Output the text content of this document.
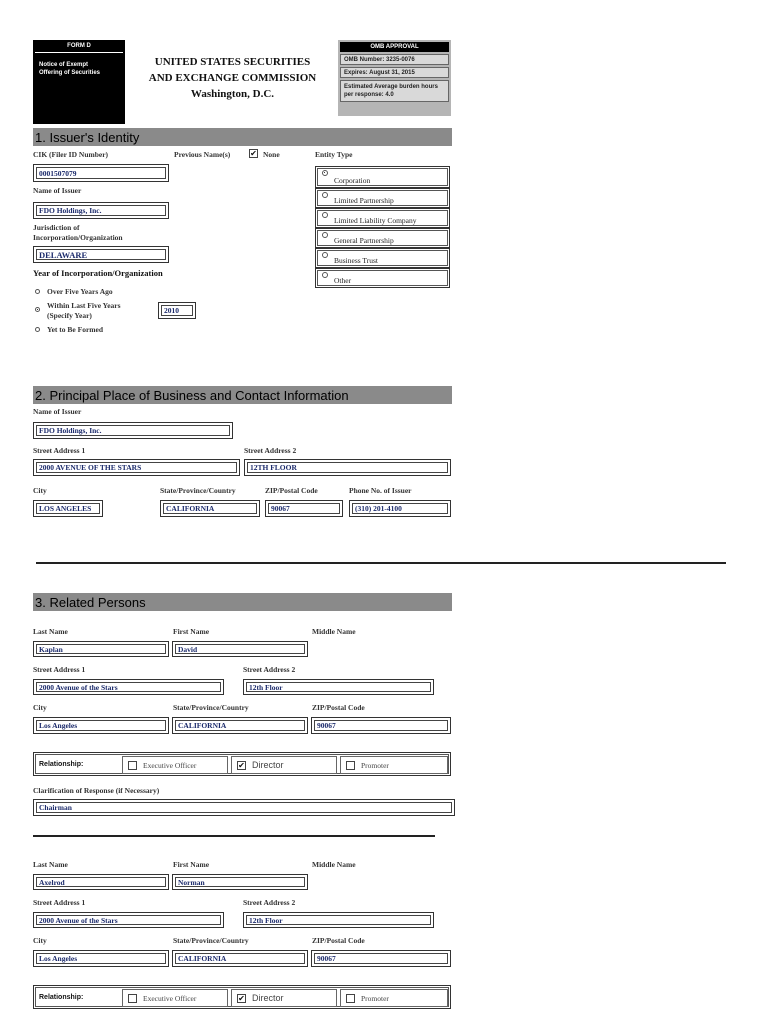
FORM D
Notice of Exempt
Offering of Securities
UNITED STATES SECURITIES
AND EXCHANGE COMMISSION
Washington, D.C.
OMB APPROVAL
OMB Number: 3235-0076
Expires: August 31, 2015
Estimated Average burden hours per response: 4.0
1. Issuer's Identity
CIK (Filer ID Number)	Previous Name(s) ✔ None	Entity Type
0001507079
Name of Issuer
FDO Holdings, Inc.
Jurisdiction of
Incorporation/Organization
DELAWARE
Year of Incorporation/Organization
Over Five Years Ago
Within Last Five Years
(Specify Year)
2010
Yet to Be Formed
Corporation
Limited Partnership
Limited Liability Company
General Partnership
Business Trust
Other
2. Principal Place of Business and Contact Information
Name of Issuer
FDO Holdings, Inc.
Street Address 1	Street Address 2
2000 AVENUE OF THE STARS	12TH FLOOR
City	State/Province/Country	ZIP/Postal Code	Phone No. of Issuer
LOS ANGELES	CALIFORNIA	90067	(310) 201-4100
3. Related Persons
Last Name	First Name	Middle Name
Kaplan	David
Street Address 1	Street Address 2
2000 Avenue of the Stars	12th Floor
City	State/Province/Country	ZIP/Postal Code
Los Angeles	CALIFORNIA	90067
Relationship:	Executive Officer	✔ Director	Promoter
Clarification of Response (if Necessary)
Chairman
Last Name	First Name	Middle Name
Axelrod	Norman
Street Address 1	Street Address 2
2000 Avenue of the Stars	12th Floor
City	State/Province/Country	ZIP/Postal Code
Los Angeles	CALIFORNIA	90067
Relationship:	Executive Officer	✔ Director	Promoter
